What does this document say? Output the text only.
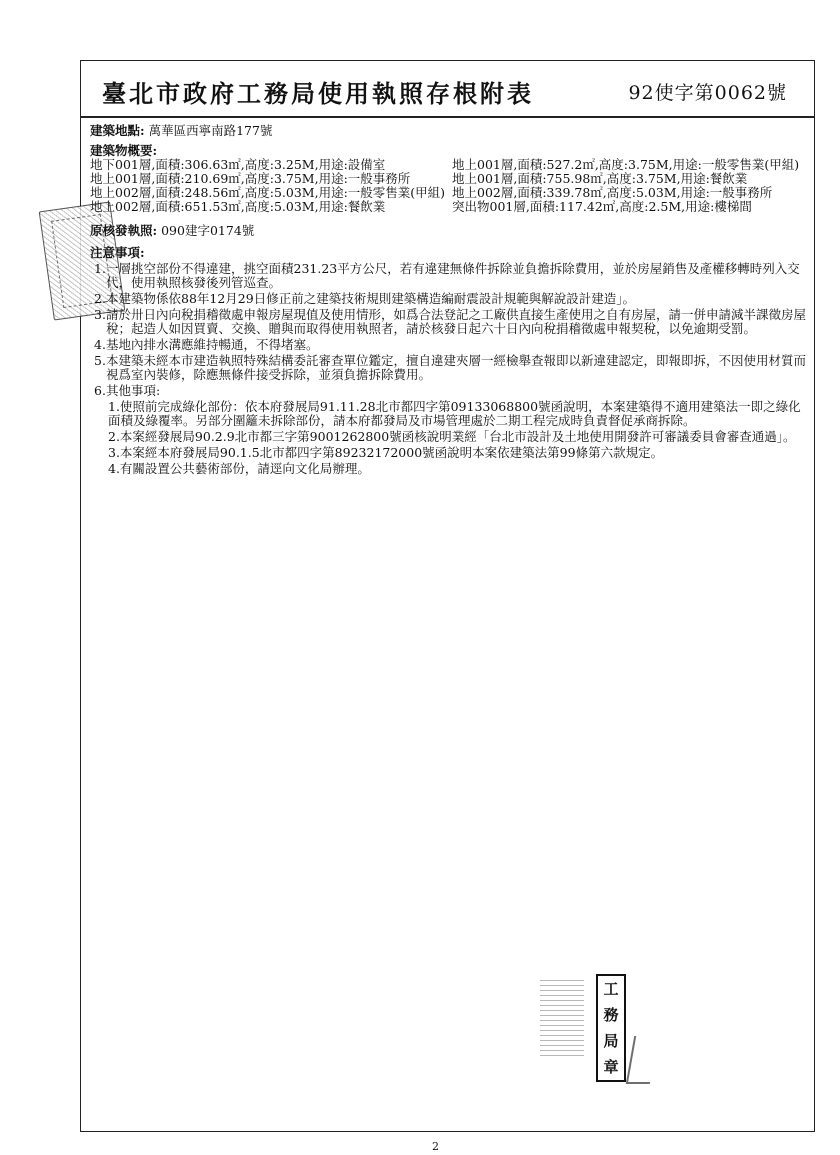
臺北市政府工務局使用執照存根附表	92使字第0062號
建築地點: 萬華區西寧南路177號
建築物概要:
地下001層,面積:306.63㎡,高度:3.25M,用途:設備室
地上001層,面積:210.69㎡,高度:3.75M,用途:一般事務所
地上002層,面積:248.56㎡,高度:5.03M,用途:一般零售業(甲組)
地上002層,面積:651.53㎡,高度:5.03M,用途:餐飲業
地上001層,面積:527.2㎡,高度:3.75M,用途:一般零售業(甲組)
地上001層,面積:755.98㎡,高度:3.75M,用途:餐飲業
地上002層,面積:339.78㎡,高度:5.03M,用途:一般事務所
突出物001層,面積:117.42㎡,高度:2.5M,用途:樓梯間
原核發執照: 090建字0174號
注意事項:
1. 一層挑空部份不得違建，挑空面積231.23平方公尺，若有違建無條件拆除並負擔拆除費用，並於房屋銷售及產權移轉時列入交代，使用執照核發後列管巡查。
2. 本建築物係依88年12月29日修正前之建築技術規則建築構造編耐震設計規範與解說設計建造」。
3. 請於卅日內向稅捐稽徵處申報房屋現值及使用情形，如爲合法登記之工廠供直接生產使用之自有房屋，請一併申請減半課徵房屋稅；起造人如因買賣、交換、贈與而取得使用執照者，請於核發日起六十日內向稅捐稽徵處申報契稅，以免逾期受罰。
4. 基地內排水溝應維持暢通，不得堵塞。
5. 本建築未經本市建造執照特殊結構委託審查單位鑑定，擅自違建夾層一經檢舉查報即以新違建認定，即報即拆，不因使用材質而視爲室內裝修，除應無條件接受拆除，並須負擔拆除費用。
6. 其他事項:
1.使照前完成綠化部份：依本府發展局91.11.28北市都四字第09133068800號函說明，本案建築得不適用建築法一即之綠化面積及綠覆率。另部分圍籬未拆除部份，請本府都發局及市場管理處於二期工程完成時負責督促承商拆除。
2.本案經發展局90.2.9北市都三字第9001262800號函核說明業經「台北市設計及土地使用開發許可審議委員會審查通過」。
3.本案經本府發展局90.1.5北市都四字第89232172000號函說明本案依建築法第99條第六款規定。
4.有關設置公共藝術部份，請逕向文化局辦理。
工
務
局
章
2
